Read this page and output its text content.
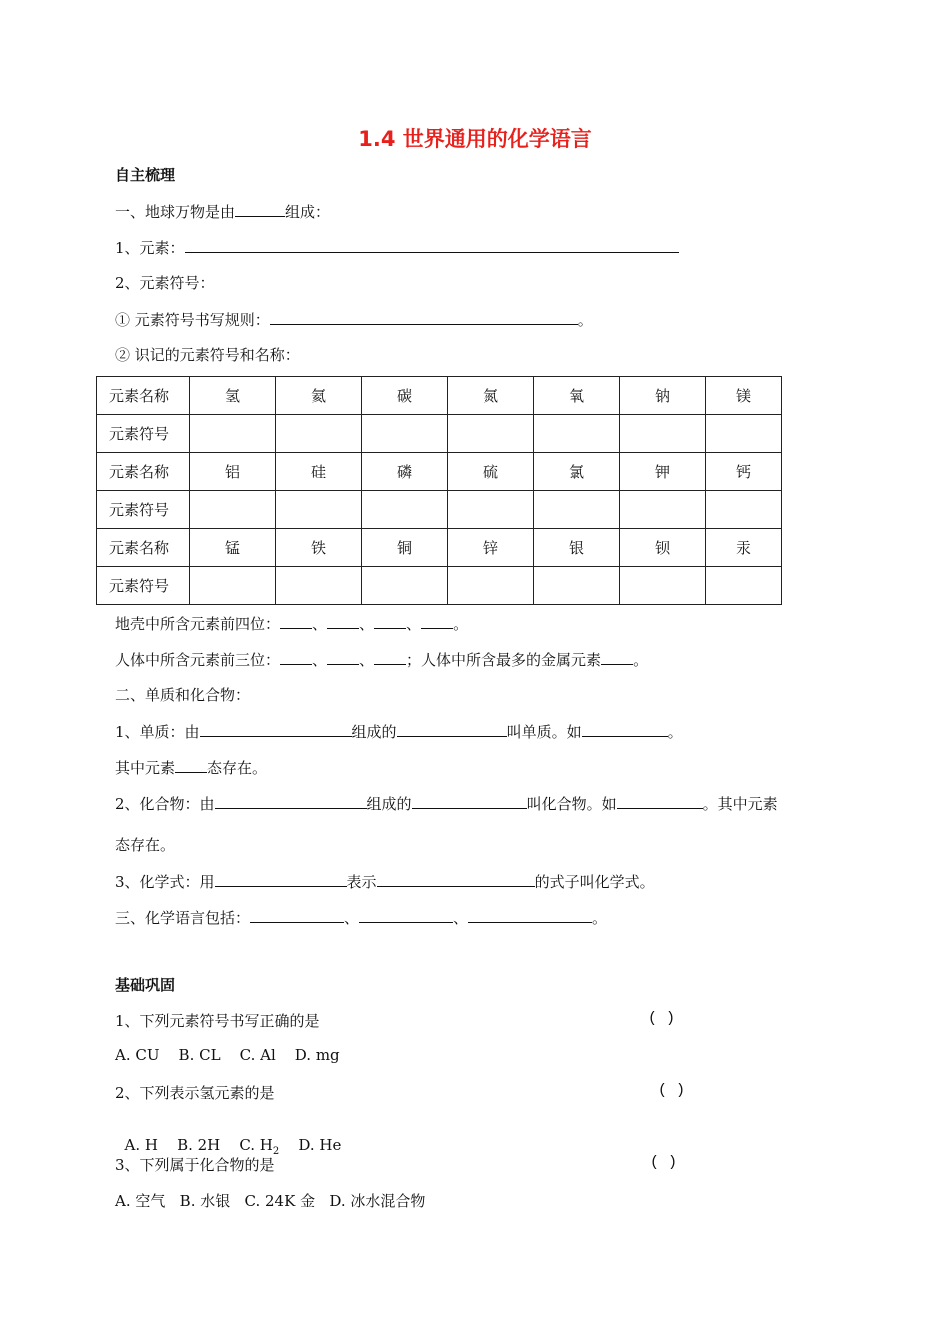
1.4 世界通用的化学语言
自主梳理
一、地球万物是由	组成：
1、元素：
2、元素符号：
① 元素符号书写规则：	。
② 识记的元素符号和名称：
元素名称	氢	氦	碳	氮	氧	钠	镁
元素符号							
元素名称	铝	硅	磷	硫	氯	钾	钙
元素符号							
元素名称	锰	铁	铜	锌	银	钡	汞
元素符号							
地壳中所含元素前四位： 、 、 、 。
人体中所含元素前三位： 、 、 ；人体中所含最多的金属元素 。
二、单质和化合物：
1、单质：由	组成的	叫单质。如	。
其中元素 态存在。
2、化合物：由	组成的	叫化合物。如	。其中元素
态存在。
3、化学式：用	表示	的式子叫化学式。
三、化学语言包括：	、	、	。
基础巩固
1、下列元素符号书写正确的是	( )
A. CU    B. CL    C. Al    D. mg
2、下列表示氢元素的是	( )

A. H    B. 2H    C. $H_2$    D. He

3、下列属于化合物的是	( )
A. 空气   B. 水银   C. 24K 金   D. 冰水混合物
